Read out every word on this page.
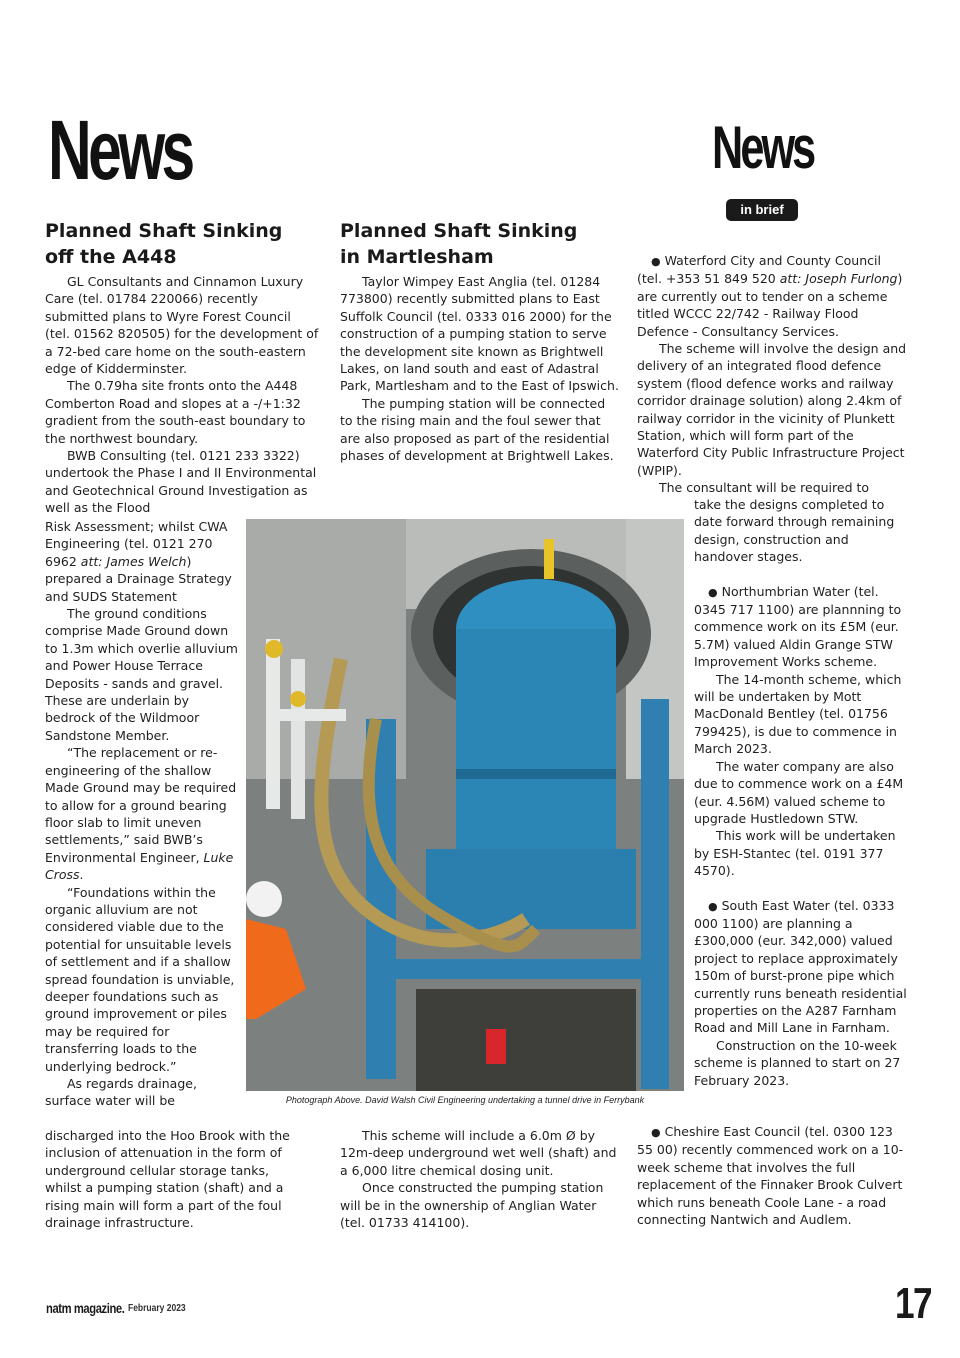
News	News
in brief
Planned Shaft Sinking
off the A448

GL Consultants and Cinnamon Luxury Care (tel. 01784 220066) recently submitted plans to Wyre Forest Council (tel. 01562 820505) for the development of a 72-bed care home on the south-eastern edge of Kidderminster.

The 0.79ha site fronts onto the A448 Comberton Road and slopes at a -/+1:32 gradient from the south-east boundary to the northwest boundary.

BWB Consulting (tel. 0121 233 3322) undertook the Phase I and II Environmental and Geotechnical Ground Investigation as well as the Flood

Risk Assessment; whilst CWA Engineering (tel. 0121 270 6962 att: James Welch) prepared a Drainage Strategy and SUDS Statement

The ground conditions comprise Made Ground down to 1.3m which overlie alluvium and Power House Terrace Deposits - sands and gravel. These are underlain by bedrock of the Wildmoor Sandstone Member.

“The replacement or re-engineering of the shallow Made Ground may be required to allow for a ground bearing floor slab to limit uneven settlements,” said BWB’s Environmental Engineer, Luke Cross.

“Foundations within the organic alluvium are not considered viable due to the potential for unsuitable levels of settlement and if a shallow spread foundation is unviable, deeper foundations such as ground improvement or piles may be required for transferring loads to the underlying bedrock.”

As regards drainage, surface water will be

discharged into the Hoo Brook with the inclusion of attenuation in the form of underground cellular storage tanks, whilst a pumping station (shaft) and a rising main will form a part of the foul drainage infrastructure.

Planned Shaft Sinking
in Martlesham

Taylor Wimpey East Anglia (tel. 01284 773800) recently submitted plans to East Suffolk Council (tel. 0333 016 2000) for the construction of a pumping station to serve the development site known as Brightwell Lakes, on land south and east of Adastral Park, Martlesham and to the East of Ipswich.

The pumping station will be connected to the rising main and the foul sewer that are also proposed as part of the residential phases of development at Brightwell Lakes.

This scheme will include a 6.0m Ø by 12m-deep underground wet well (shaft) and a 6,000 litre chemical dosing unit.

Once constructed the pumping station will be in the ownership of Anglian Water (tel. 01733 414100).

● Waterford City and County Council (tel. +353 51 849 520 att: Joseph Furlong) are currently out to tender on a scheme titled WCCC 22/742 - Railway Flood Defence - Consultancy Services.

The scheme will involve the design and delivery of an integrated flood defence system (flood defence works and railway corridor drainage solution) along 2.4km of railway corridor in the vicinity of Plunkett Station, which will form part of the Waterford City Public Infrastructure Project (WPIP).

The consultant will be required to

take the designs completed to date forward through remaining design, construction and handover stages.

● Northumbrian Water (tel. 0345 717 1100) are plannning to commence work on its £5M (eur. 5.7M) valued Aldin Grange STW Improvement Works scheme.

The 14-month scheme, which will be undertaken by Mott MacDonald Bentley (tel. 01756 799425), is due to commence in March 2023.

The water company are also due to commence work on a £4M (eur. 4.56M) valued scheme to upgrade Hustledown STW.

This work will be undertaken by ESH-Stantec (tel. 0191 377 4570).

● South East Water (tel. 0333 000 1100) are planning a £300,000 (eur. 342,000) valued project to replace approximately 150m of burst-prone pipe which currently runs beneath residential properties on the A287 Farnham Road and Mill Lane in Farnham.

Construction on the 10-week scheme is planned to start on 27 February 2023.

● Cheshire East Council (tel. 0300 123 55 00) recently commenced work on a 10-week scheme that involves the full replacement of the Finnaker Brook Culvert which runs beneath Coole Lane - a road connecting Nantwich and Audlem.

Photograph Above. David Walsh Civil Engineering undertaking a tunnel drive in Ferrybank
natm magazine. February 2023	17
